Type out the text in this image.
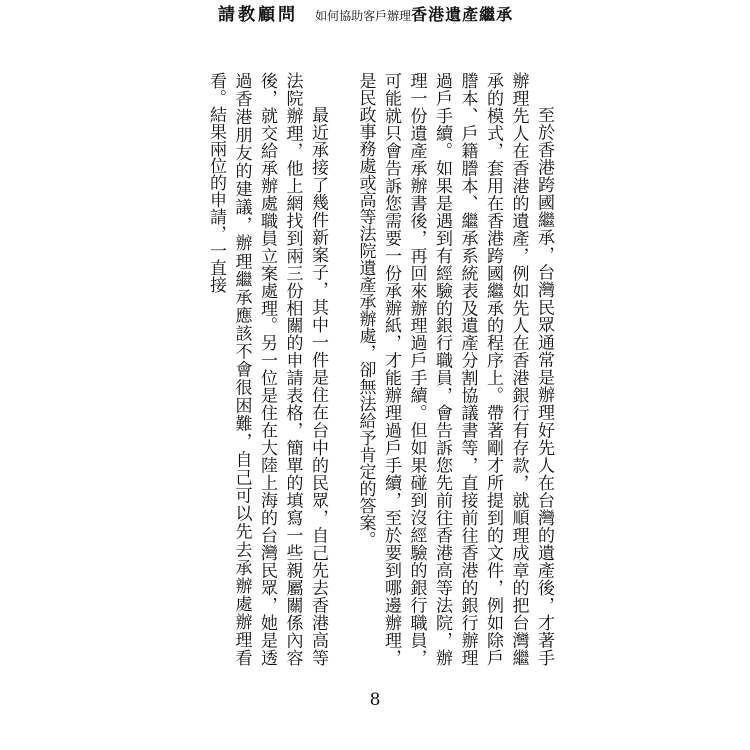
請教顧問 如何協助客戶辦理香港遺產繼承

至於香港跨國繼承，台灣民眾通常是辦理好先人在台灣的遺產後，才著手辦理先人在香港的遺產，例如先人在香港銀行有存款，就順理成章的把台灣繼承的模式，套用在香港跨國繼承的程序上。帶著剛才所提到的文件，例如除戶謄本、戶籍謄本、繼承系統表及遺產分割協議書等，直接前往香港的銀行辦理過戶手續。如果是遇到有經驗的銀行職員，會告訴您先前往香港高等法院，辦理一份遺產承辦書後，再回來辦理過戶手續。但如果碰到沒經驗的銀行職員，可能就只會告訴您需要一份承辦紙，才能辦理過戶手續，至於要到哪邊辦理，是民政事務處或高等法院遺產承辦處，卻無法給予肯定的答案。

最近承接了幾件新案子，其中一件是住在台中的民眾，自己先去香港高等法院辦理，他上網找到兩三份相關的申請表格，簡單的填寫一些親屬關係內容後，就交給承辦處職員立案處理。另一位是住在大陸上海的台灣民眾，她是透過香港朋友的建議，辦理繼承應該不會很困難，自己可以先去承辦處辦理看看。結果兩位的申請，一直接

8
